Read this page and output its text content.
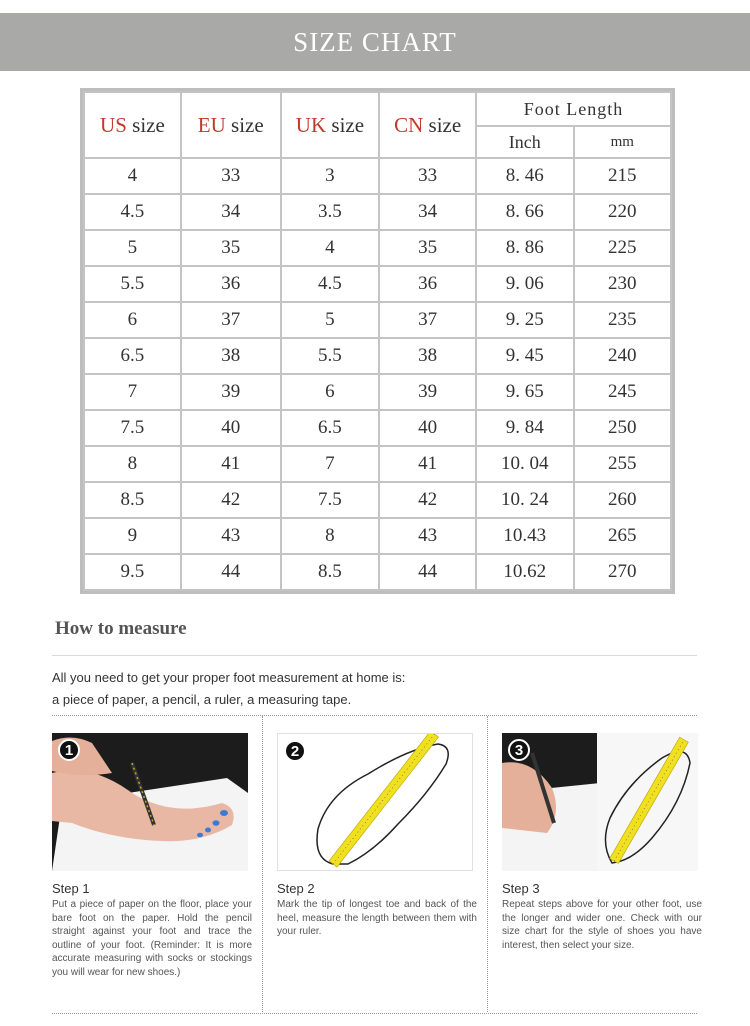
SIZE CHART
US size	EU size	UK size	CN size	Foot Length	
				Inch	mm
4	33	3	33	8. 46	215
4.5	34	3.5	34	8. 66	220
5	35	4	35	8. 86	225
5.5	36	4.5	36	9. 06	230
6	37	5	37	9. 25	235
6.5	38	5.5	38	9. 45	240
7	39	6	39	9. 65	245
7.5	40	6.5	40	9. 84	250
8	41	7	41	10. 04	255
8.5	42	7.5	42	10. 24	260
9	43	8	43	10.43	265
9.5	44	8.5	44	10.62	270
How to measure
All you need to get your proper foot measurement at home is:
a piece of paper, a pencil, a ruler, a measuring tape.
1
Step 1
Put a piece of paper on the floor, place your bare foot on the paper. Hold the pencil straight against your foot and trace the outline of your foot. (Reminder: It is more accurate measuring with socks or stockings you will wear for new shoes.)
2
Step 2
Mark the tip of longest toe and back of the heel, measure the length between them with your ruler.
3
Step 3
Repeat steps above for your other foot, use the longer and wider one. Check with our size chart for the style of shoes you have interest, then select your size.
